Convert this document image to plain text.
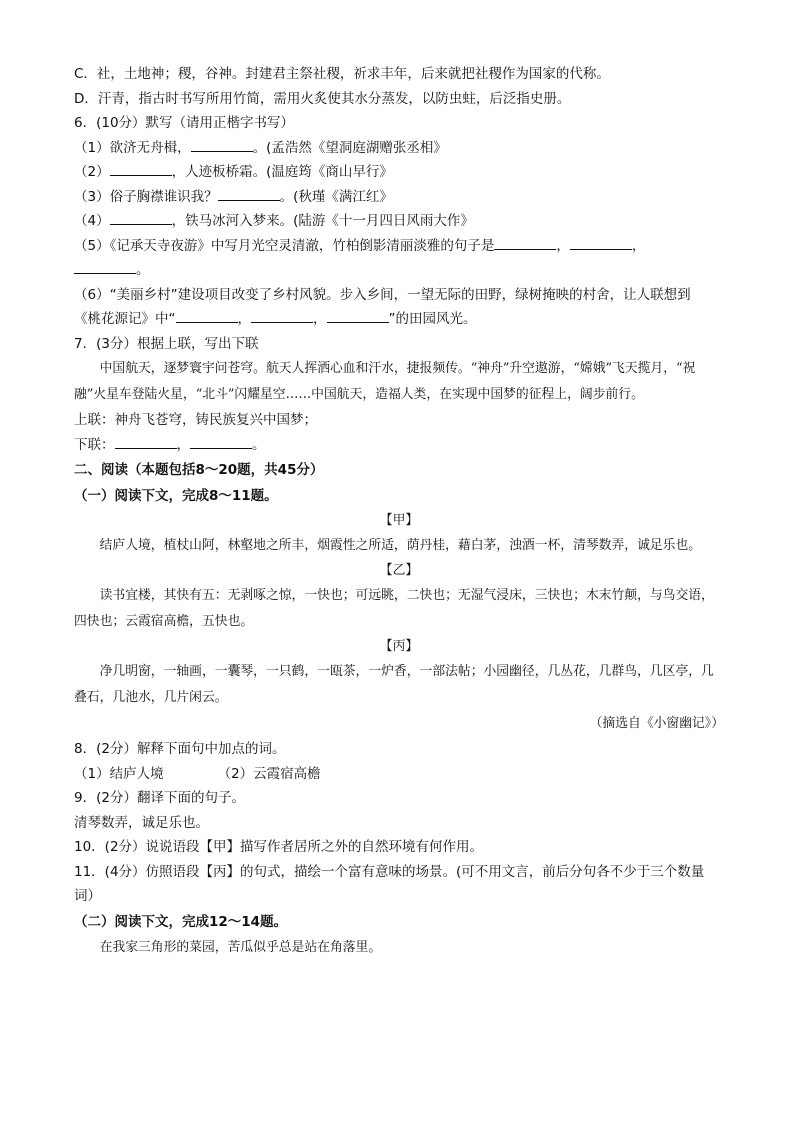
C．社，土地神；稷，谷神。封建君主祭社稷，祈求丰年，后来就把社稷作为国家的代称。
D．汗青，指古时书写所用竹简，需用火炙使其水分蒸发，以防虫蛀，后泛指史册。
6．(10分）默写（请用正楷字书写）
（1）欲济无舟楫，	。(孟浩然《望洞庭湖赠张丞相》
（2）	，人迹板桥霜。(温庭筠《商山早行》
（3）俗子胸襟谁识我？	。(秋瑾《满江红》
（4）	，铁马冰河入梦来。(陆游《十一月四日风雨大作》
（5）《记承天寺夜游》中写月光空灵清澈，竹柏倒影清丽淡雅的句子是	，	，
。
（6）“美丽乡村”建设项目改变了乡村风貌。步入乡间，一望无际的田野，绿树掩映的村舍，让人联想到
《桃花源记》中“	，	，	”的田园风光。
7．(3分）根据上联，写出下联
中国航天，逐梦寰宇问苍穹。航天人挥洒心血和汗水，捷报频传。“神舟”升空遨游，“嫦娥”飞天揽月，“祝融”火星车登陆火星，“北斗”闪耀星空……中国航天，造福人类，在实现中国梦的征程上，阔步前行。
上联：神舟飞苍穹，铸民族复兴中国梦；
下联：	，	。
二、阅读（本题包括8～20题，共45分）
（一）阅读下文，完成8～11题。
【甲】
结庐人境，植杖山阿，林壑地之所丰，烟霞性之所适，荫丹桂，藉白茅，浊酒一杯，清琴数弄，诚足乐也。
【乙】
读书宜楼，其快有五：无剥啄之惊，一快也；可远眺，二快也；无湿气浸床，三快也；木末竹颠，与鸟交语，四快也；云霞宿高檐，五快也。
【丙】
净几明窗，一轴画，一囊琴，一只鹤，一瓯茶，一炉香，一部法帖；小园幽径，几丛花，几群鸟，几区亭，几叠石，几池水，几片闲云。
（摘选自《小窗幽记》）
8．(2分）解释下面句中加点的词。
（1）结庐人境	（2）云霞宿高檐
9．(2分）翻译下面的句子。
清琴数弄，诚足乐也。
10．(2分）说说语段【甲】描写作者居所之外的自然环境有何作用。
11．(4分）仿照语段【丙】的句式，描绘一个富有意味的场景。(可不用文言，前后分句各不少于三个数量词）
（二）阅读下文，完成12～14题。
在我家三角形的菜园，苦瓜似乎总是站在角落里。
